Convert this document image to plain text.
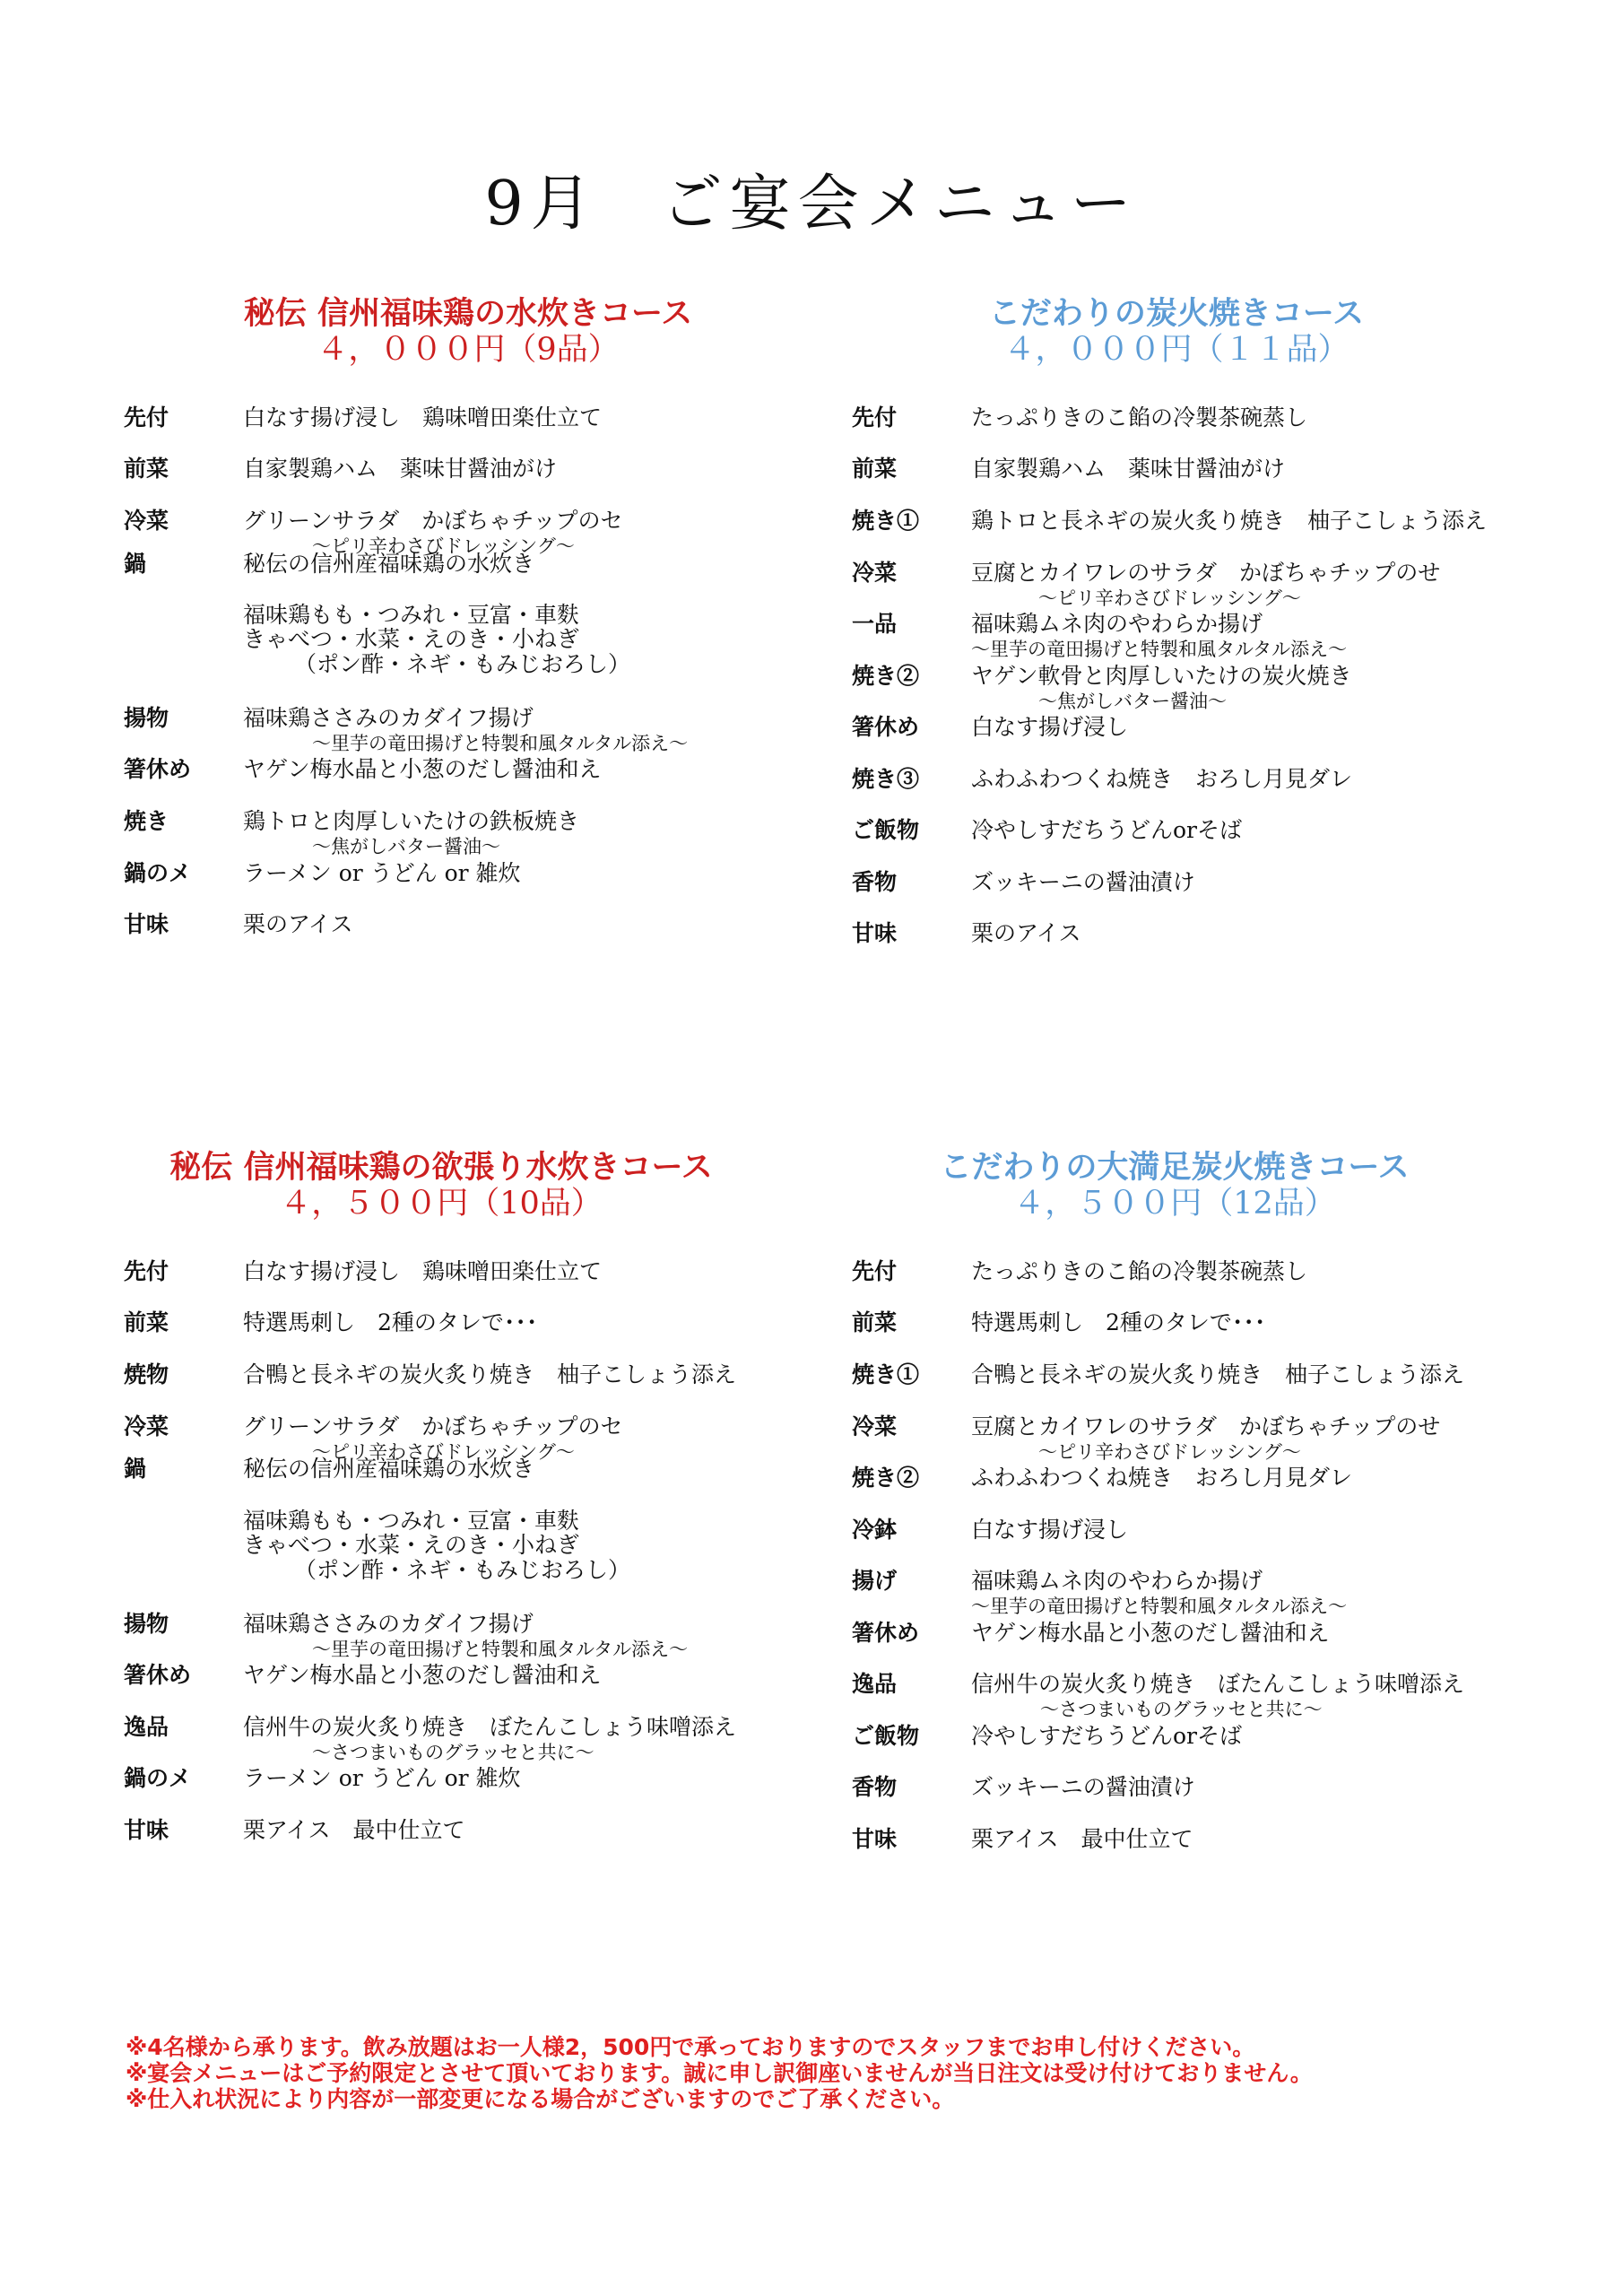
9月 ご宴会メニュー
秘伝 信州福味鶏の水炊きコース
４，０００円（9品）
先付	白なす揚げ浸し　鶏味噌田楽仕立て
前菜	自家製鶏ハム　薬味甘醤油がけ
冷菜	グリーンサラダ　かぼちゃチップのセ
～ピリ辛わさびドレッシング～
鍋	秘伝の信州産福味鶏の水炊き
福味鶏もも・つみれ・豆富・車麩
きゃべつ・水菜・えのき・小ねぎ
（ポン酢・ネギ・もみじおろし）
揚物	福味鶏ささみのカダイフ揚げ
～里芋の竜田揚げと特製和風タルタル添え～
箸休め ヤゲン梅水晶と小葱のだし醤油和え
焼き	鶏トロと肉厚しいたけの鉄板焼き
～焦がしバター醤油～
鍋のメ ラーメン or うどん or 雑炊
甘味	栗のアイス
こだわりの炭火焼きコース
４，０００円（１１品）
先付	たっぷりきのこ餡の冷製茶碗蒸し
前菜	自家製鶏ハム　薬味甘醤油がけ
焼き① 鶏トロと長ネギの炭火炙り焼き　柚子こしょう添え
冷菜	豆腐とカイワレのサラダ　かぼちゃチップのせ
～ピリ辛わさびドレッシング～
一品	福味鶏ムネ肉のやわらか揚げ
～里芋の竜田揚げと特製和風タルタル添え～
焼き② ヤゲン軟骨と肉厚しいたけの炭火焼き
～焦がしバター醤油～
箸休め 白なす揚げ浸し
焼き③ ふわふわつくね焼き　おろし月見ダレ
ご飯物 冷やしすだちうどんorそば
香物	ズッキーニの醤油漬け
甘味	栗のアイス
秘伝 信州福味鶏の欲張り水炊きコース
４，５００円（10品）
先付	白なす揚げ浸し　鶏味噌田楽仕立て
前菜	特選馬刺し　2種のタレで･･･
焼物	合鴨と長ネギの炭火炙り焼き　柚子こしょう添え
冷菜	グリーンサラダ　かぼちゃチップのセ
～ピリ辛わさびドレッシング～
鍋	秘伝の信州産福味鶏の水炊き
福味鶏もも・つみれ・豆富・車麩
きゃべつ・水菜・えのき・小ねぎ
（ポン酢・ネギ・もみじおろし）
揚物	福味鶏ささみのカダイフ揚げ
～里芋の竜田揚げと特製和風タルタル添え～
箸休め ヤゲン梅水晶と小葱のだし醤油和え
逸品	信州牛の炭火炙り焼き　ぼたんこしょう味噌添え
～さつまいものグラッセと共に～
鍋のメ ラーメン or うどん or 雑炊
甘味	栗アイス　最中仕立て
こだわりの大満足炭火焼きコース
４，５００円（12品）
先付	たっぷりきのこ餡の冷製茶碗蒸し
前菜	特選馬刺し　2種のタレで･･･
焼き① 合鴨と長ネギの炭火炙り焼き　柚子こしょう添え
冷菜	豆腐とカイワレのサラダ　かぼちゃチップのせ
～ピリ辛わさびドレッシング～
焼き② ふわふわつくね焼き　おろし月見ダレ
冷鉢	白なす揚げ浸し
揚げ	福味鶏ムネ肉のやわらか揚げ
～里芋の竜田揚げと特製和風タルタル添え～
箸休め ヤゲン梅水晶と小葱のだし醤油和え
逸品	信州牛の炭火炙り焼き　ぼたんこしょう味噌添え
～さつまいものグラッセと共に～
ご飯物 冷やしすだちうどんorそば
香物	ズッキーニの醤油漬け
甘味	栗アイス　最中仕立て
※4名様から承ります。飲み放題はお一人様2，500円で承っておりますのでスタッフまでお申し付けください。
※宴会メニューはご予約限定とさせて頂いております。誠に申し訳御座いませんが当日注文は受け付けておりません。
※仕入れ状況により内容が一部変更になる場合がございますのでご了承ください。
